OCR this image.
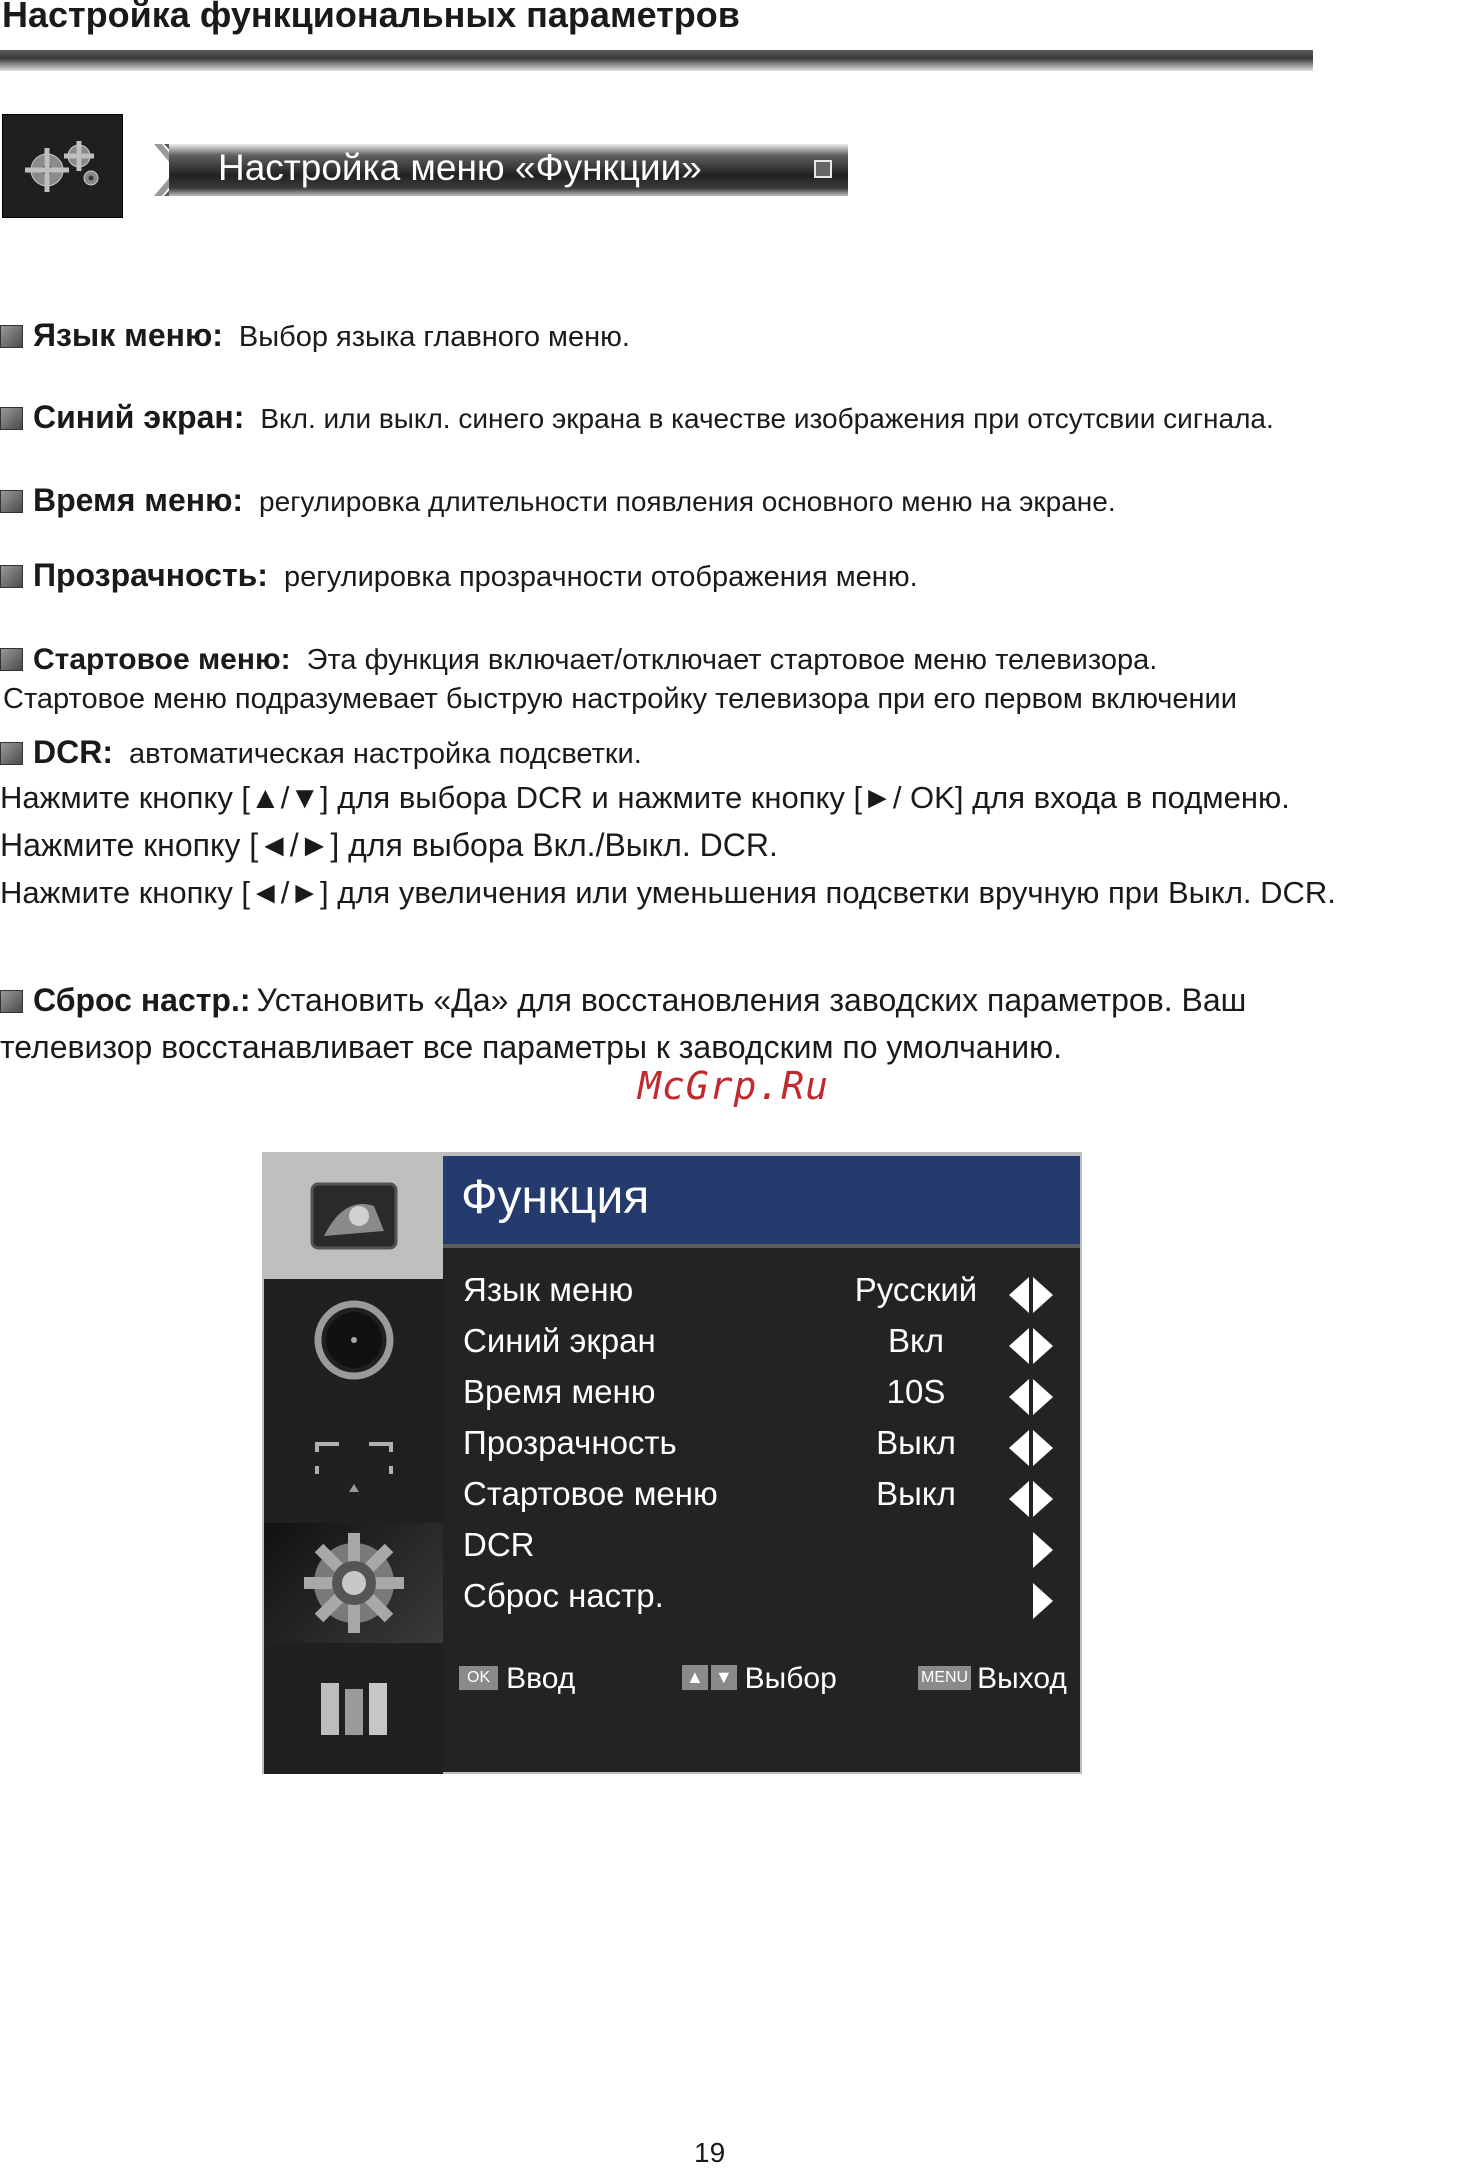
Настройка функциональных параметров
Настройка меню «Функции»
Язык меню: Выбор языка главного меню.
Синий экран: Вкл. или выкл. синего экрана в качестве изображения при отсутсвии сигнала.
Время меню: регулировка длительности появления основного меню на экране.
Прозрачность: регулировка прозрачности отображения меню.
Стартовое меню: Эта функция включает/отключает стартовое меню телевизора.
Стартовое меню подразумевает быструю настройку телевизора при его первом включении
DCR: автоматическая настройка подсветки.
Нажмите кнопку [▲/▼] для выбора DCR и нажмите кнопку [►/ OK] для входа в подменю.
Нажмите кнопку [◄/►] для выбора Вкл./Выкл. DCR.
Нажмите кнопку [◄/►] для увеличения или уменьшения подсветки вручную при Выкл. DCR.
Сброс настр.: Установить «Да» для восстановления заводских параметров. Ваш
телевизор восстанавливает все параметры к заводским по умолчанию.
McGrp.Ru
Функция
Язык меню	Русский
Синий экран	Вкл
Время меню	10S
Прозрачность	Выкл
Стартовое меню	Выкл
DCR
Сброс настр.
OK Ввод	▲ ▼ Выбор	MENU Выход
19
